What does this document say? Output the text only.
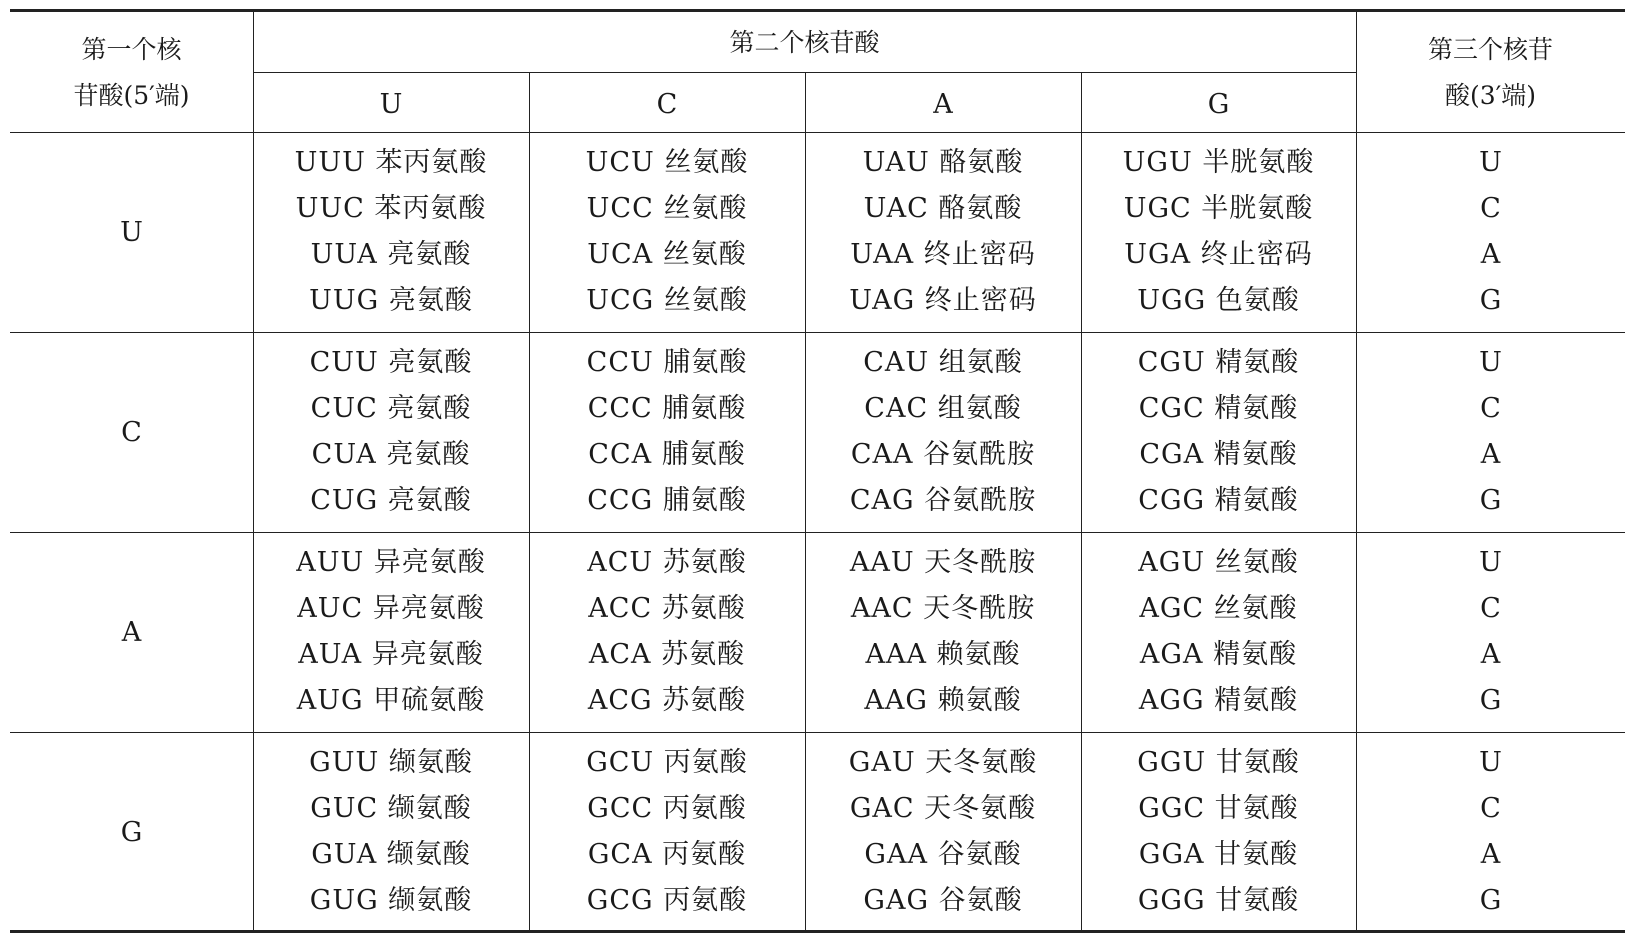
第一个核
苷酸(5′端)
第二个核苷酸	第三个核苷
酸(3′端)
U	C	A	G
U
UUU 苯丙氨酸	UCU 丝氨酸	UAU 酪氨酸	UGU 半胱氨酸	U
UUC 苯丙氨酸	UCC 丝氨酸	UAC 酪氨酸	UGC 半胱氨酸	C
UUA 亮氨酸	UCA 丝氨酸	UAA 终止密码	UGA 终止密码	A
UUG 亮氨酸	UCG 丝氨酸	UAG 终止密码	UGG 色氨酸	G
C
CUU 亮氨酸	CCU 脯氨酸	CAU 组氨酸	CGU 精氨酸	U
CUC 亮氨酸	CCC 脯氨酸	CAC 组氨酸	CGC 精氨酸	C
CUA 亮氨酸	CCA 脯氨酸	CAA 谷氨酰胺	CGA 精氨酸	A
CUG 亮氨酸	CCG 脯氨酸	CAG 谷氨酰胺	CGG 精氨酸	G
A
AUU 异亮氨酸	ACU 苏氨酸	AAU 天冬酰胺	AGU 丝氨酸	U
AUC 异亮氨酸	ACC 苏氨酸	AAC 天冬酰胺	AGC 丝氨酸	C
AUA 异亮氨酸	ACA 苏氨酸	AAA 赖氨酸	AGA 精氨酸	A
AUG 甲硫氨酸	ACG 苏氨酸	AAG 赖氨酸	AGG 精氨酸	G
G
GUU 缬氨酸	GCU 丙氨酸	GAU 天冬氨酸	GGU 甘氨酸	U
GUC 缬氨酸	GCC 丙氨酸	GAC 天冬氨酸	GGC 甘氨酸	C
GUA 缬氨酸	GCA 丙氨酸	GAA 谷氨酸	GGA 甘氨酸	A
GUG 缬氨酸	GCG 丙氨酸	GAG 谷氨酸	GGG 甘氨酸	G
